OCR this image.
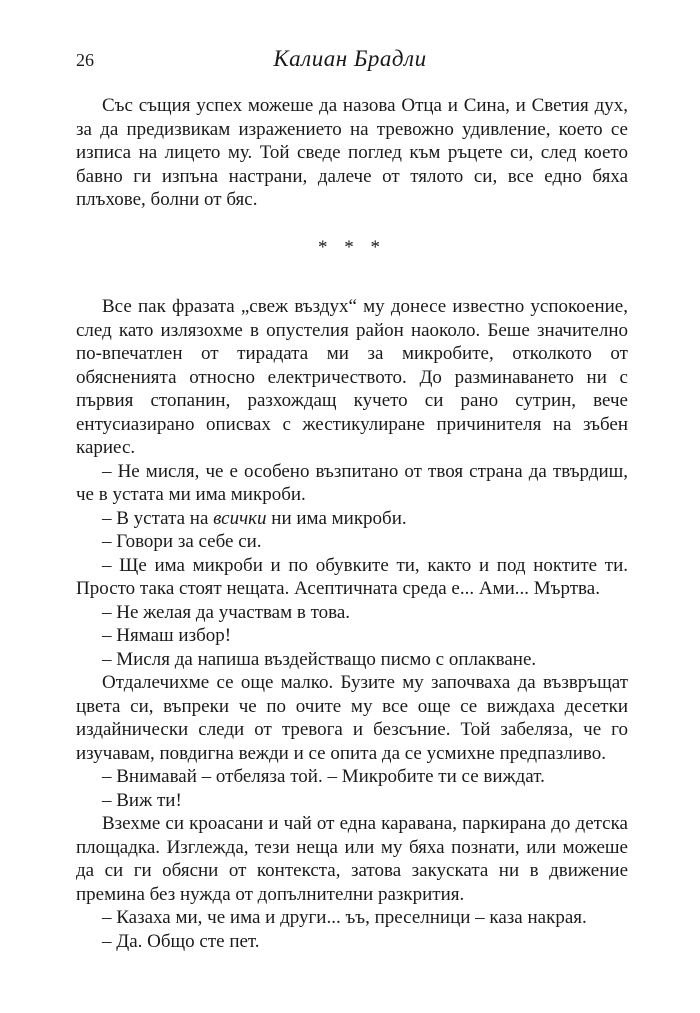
26	Калиан Брадли

Със същия успех можеше да назова Отца и Сина, и Светия дух, за да предизвикам изражението на тревожно удивление, което се изписа на лицето му. Той сведе поглед към ръцете си, след което бавно ги изпъна настрани, далече от тялото си, все едно бяха плъхове, болни от бяс.

* * *

Все пак фразата „свеж въздух“ му донесе известно успокоение, след като излязохме в опустелия район наоколо. Беше значително по-впечатлен от тирадата ми за микробите, отколкото от обясненията относно електричеството. До разминаването ни с първия стопанин, разхождащ кучето си рано сутрин, вече ентусиазирано описвах с жестикулиране причинителя на зъбен кариес.

– Не мисля, че е особено възпитано от твоя страна да твърдиш, че в устата ми има микроби.

– В устата на всички ни има микроби.

– Говори за себе си.

– Ще има микроби и по обувките ти, както и под ноктите ти. Просто така стоят нещата. Асептичната среда е... Ами... Мъртва.

– Не желая да участвам в това.

– Нямаш избор!

– Мисля да напиша въздействащо писмо с оплакване.

Отдалечихме се още малко. Бузите му започваха да възвръщат цвета си, въпреки че по очите му все още се виждаха десетки издайнически следи от тревога и безсъние. Той забеляза, че го изучавам, повдигна вежди и се опита да се усмихне предпазливо.

– Внимавай – отбеляза той. – Микробите ти се виждат.

– Виж ти!

Взехме си кроасани и чай от една каравана, паркирана до детска площадка. Изглежда, тези неща или му бяха познати, или можеше да си ги обясни от контекста, затова закуската ни в движение премина без нужда от допълнителни разкрития.

– Казаха ми, че има и други... ъъ, преселници – каза накрая.

– Да. Общо сте пет.
